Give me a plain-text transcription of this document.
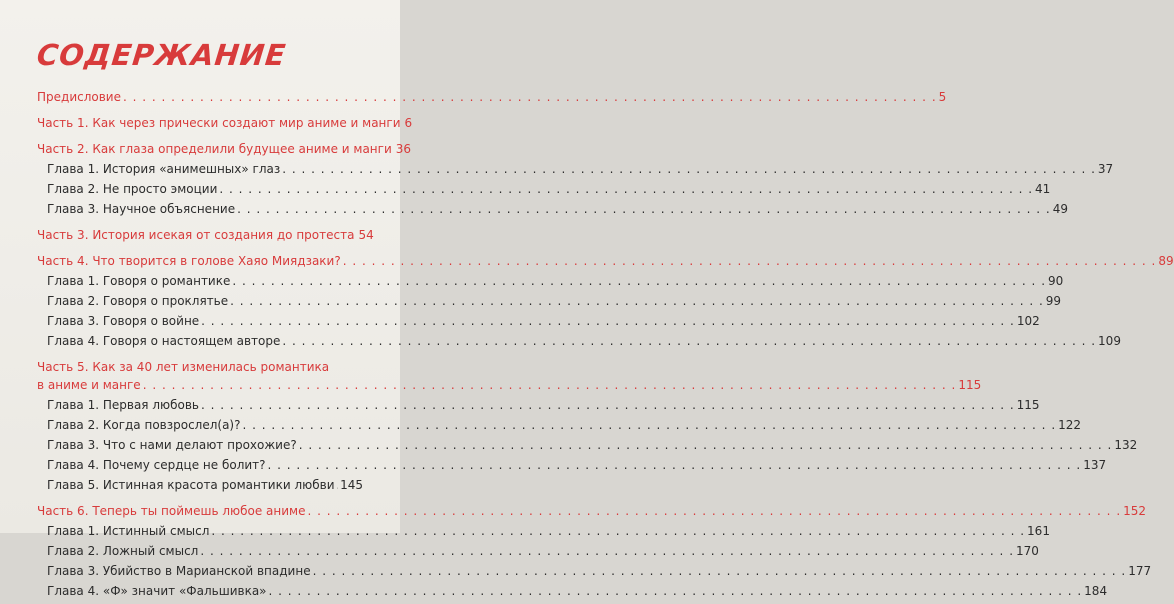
СОДЕРЖАНИЕ
Предисловие . . .	5
Часть 1. Как через прически создают мир аниме и манги 6
Часть 2. Как глаза определили будущее аниме и манги 36
Глава 1. История «анимешных» глаз . . .	37
Глава 2. Не просто эмоции . . .	41
Глава 3. Научное объяснение . . .	49
Часть 3. История исекая от создания до протеста 54
Часть 4. Что творится в голове Хаяо Миядзаки? . . .	89
Глава 1. Говоря о романтике . . .	90
Глава 2. Говоря о проклятье . . .	99
Глава 3. Говоря о войне . . .	102
Глава 4. Говоря о настоящем авторе . . .	109
Часть 5. Как за 40 лет изменилась романтика
в аниме и манге . . .	115
Глава 1. Первая любовь . . .	115
Глава 2. Когда повзрослел(а)? . . .	122
Глава 3. Что с нами делают прохожие? . . .	132
Глава 4. Почему сердце не болит? . . .	137
Глава 5. Истинная красота романтики любви . . . 145
Часть 6. Теперь ты поймешь любое аниме . . .	152
Глава 1. Истинный смысл . . .	161
Глава 2. Ложный смысл . . .	170
Глава 3. Убийство в Марианской впадине . . .	177
Глава 4. «Ф» значит «Фальшивка» . . .	184
